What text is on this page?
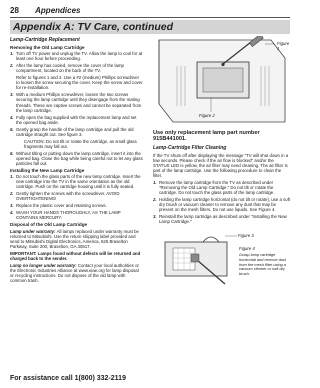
28 Appendices
Appendix A: TV Care, continued
Lamp-Cartridge Replacement
Removing the Old Lamp Cartridge
1. Turn off TV power and unplug the TV. Allow the lamp to cool for at least one hour before proceeding.
2. After the lamp has cooled, remove the cover of the lamp compartment, located on the back of the TV.
Refer to figures 1 and 2. Use a #2 (medium) Phillips screwdriver to loosen the screw securing the cover. Keep the screw and cover for re-installation.
3. With a medium Phillips screwdriver, loosen the two screws securing the lamp cartridge until they disengage from the mating threads. These are captive screws and cannot be separated from the lamp cartridge.
4. Fully open the bag supplied with the replacement lamp and set the opened bag aside.
5. Gently grasp the handle of the lamp cartridge and pull the old cartridge straight out. See figure 3.
CAUTION: Do not tilt or rotate the cartridge, as small glass fragments may fall out.
6. Without tilting or putting down the lamp cartridge, insert it into the opened bag. Close the bag while being careful not to let any glass particles fall out.
Installing the New Lamp Cartridge
1. Do not touch the glass parts of the new lamp cartridge. Insert the new cartridge into the TV in the same orientation as the old cartridge. Push on the cartridge housing until it is fully seated.
2. Gently tighten the screws with the screwdriver. AVOID OVERTIGHTENING!
3. Replace the plastic cover and retaining screws.
4. WASH YOUR HANDS THOROUGHLY, AS THE LAMP CONTAINS MERCURY.
Disposal of the Old Lamp Cartridge
Lamp under warranty: All lamps replaced under warranty must be returned to Mitsubishi. Use the return shipping label provided and send to Mitsubishi Digital Electronics, America, 625 Braselton Parkway, Suite 200, Braselton, GA 30517.
IMPORTANT: Lamps found without defects will be returned and charged back to the sender.
Lamp no longer under warranty: Contact your local authorities or the Electronic Industries Alliance at www.eiae.org for lamp disposal or recycling instructions. Do not dispose of the old lamp with common trash.
Figure 1
Figure 2
Use only replacement lamp part number 915B441001.
Lamp-Cartridge Filter Cleaning
If the TV shuts off after displaying the message "TV will shut down in a few seconds. Please check if the air flow is blocked" and/or the STATUS LED is yellow, the air filter may need cleaning. The air filter is part of the lamp cartridge. Use the following procedure to clean the filter.
1. Remove the lamp cartridge from the TV as described under "Removing the Old Lamp Cartridge." Do not tilt or rotate the cartridge. Do not touch the glass parts of the lamp cartridge.
2. Holding the lamp cartridge horizontal (do not tilt or rotate), use a soft dry brush or vacuum cleaner to remove any dust that may be present on the mesh filters. Do not use liquids. See Figure 4.
3. Reinstall the lamp cartridge as described under "Installing the New Lamp Cartridge."
Figure 3
Figure 4
Grasp lamp cartridge horizontal and remove dust from the mesh filter using a vacuum cleaner or soft dry brush.
For assistance call 1(800) 332-2119
